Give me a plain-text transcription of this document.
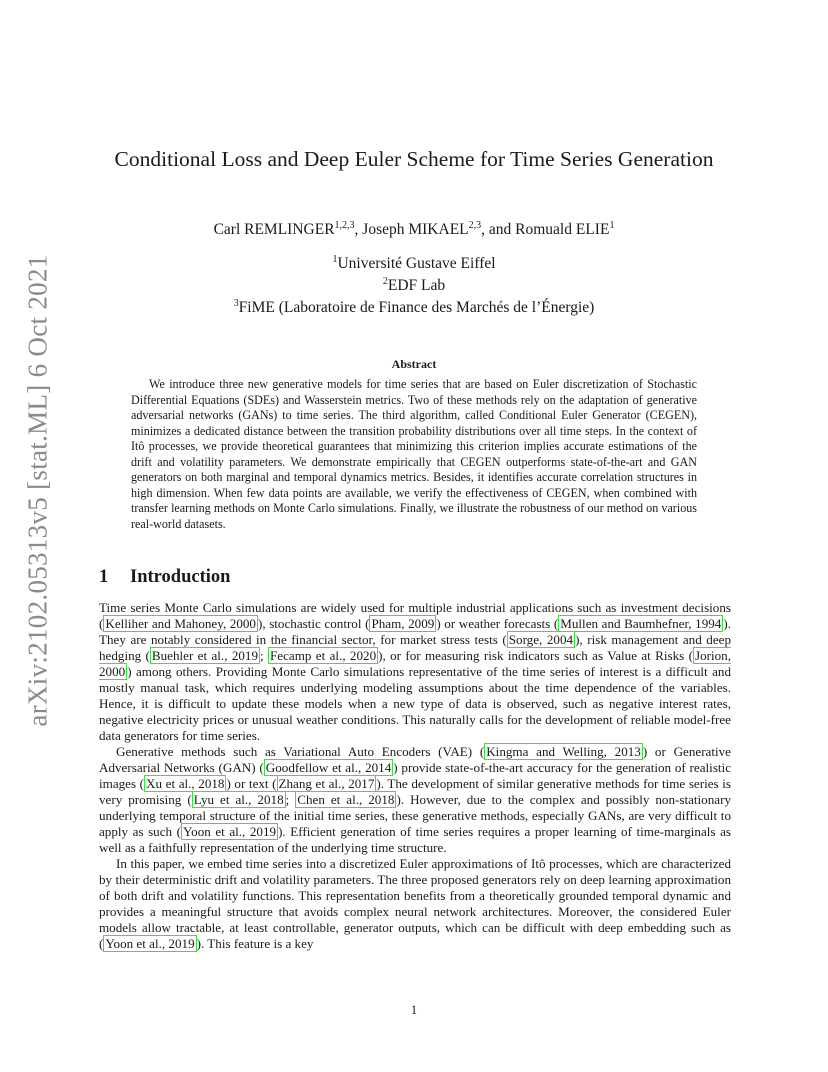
arXiv:2102.05313v5 [stat.ML] 6 Oct 2021
Conditional Loss and Deep Euler Scheme for Time Series Generation
Carl REMLINGER$^{1,2,3}$, Joseph MIKAEL$^{2,3}$, and Romuald ELIE$^1$
$^1$Université Gustave Eiffel
$^2$EDF Lab
$^3$FiME (Laboratoire de Finance des Marchés de l’Énergie)
Abstract
We introduce three new generative models for time series that are based on Euler discretization of Stochastic Differential Equations (SDEs) and Wasserstein metrics. Two of these methods rely on the adaptation of generative adversarial networks (GANs) to time series. The third algorithm, called Conditional Euler Generator (CEGEN), minimizes a dedicated distance between the transition probability distributions over all time steps. In the context of Itô processes, we provide theoretical guarantees that minimizing this criterion implies accurate estimations of the drift and volatility parameters. We demonstrate empirically that CEGEN outperforms state-of-the-art and GAN generators on both marginal and temporal dynamics metrics. Besides, it identifies accurate correlation structures in high dimension. When few data points are available, we verify the effectiveness of CEGEN, when combined with transfer learning methods on Monte Carlo simulations. Finally, we illustrate the robustness of our method on various real-world datasets.
1 Introduction

Time series Monte Carlo simulations are widely used for multiple industrial applications such as investment decisions ( Kelliher and Mahoney, 2000 ), stochastic control ( Pham, 2009 ) or weather forecasts ( Mullen and Baumhefner, 1994 ). They are notably considered in the financial sector, for market stress tests ( Sorge, 2004 ), risk management and deep hedging ( Buehler et al., 2019 ; Fecamp et al., 2020 ), or for measuring risk indicators such as Value at Risks ( Jorion, 2000 ) among others. Providing Monte Carlo simulations representative of the time series of interest is a difficult and mostly manual task, which requires underlying modeling assumptions about the time dependence of the variables. Hence, it is difficult to update these models when a new type of data is observed, such as negative interest rates, negative electricity prices or unusual weather conditions. This naturally calls for the development of reliable model-free data generators for time series.

Generative methods such as Variational Auto Encoders (VAE) ( Kingma and Welling, 2013 ) or Generative Adversarial Networks (GAN) ( Goodfellow et al., 2014 ) provide state-of-the-art accuracy for the generation of realistic images ( Xu et al., 2018 ) or text ( Zhang et al., 2017 ). The development of similar generative methods for time series is very promising ( Lyu et al., 2018 ; Chen et al., 2018 ). However, due to the complex and possibly non-stationary underlying temporal structure of the initial time series, these generative methods, especially GANs, are very difficult to apply as such ( Yoon et al., 2019 ). Efficient generation of time series requires a proper learning of time-marginals as well as a faithfully representation of the underlying time structure.

In this paper, we embed time series into a discretized Euler approximations of Itô processes, which are characterized by their deterministic drift and volatility parameters. The three proposed generators rely on deep learning approximation of both drift and volatility functions. This representation benefits from a theoretically grounded temporal dynamic and provides a meaningful structure that avoids complex neural network architectures. Moreover, the considered Euler models allow tractable, at least controllable, generator outputs, which can be difficult with deep embedding such as ( Yoon et al., 2019 ). This feature is a key

1
